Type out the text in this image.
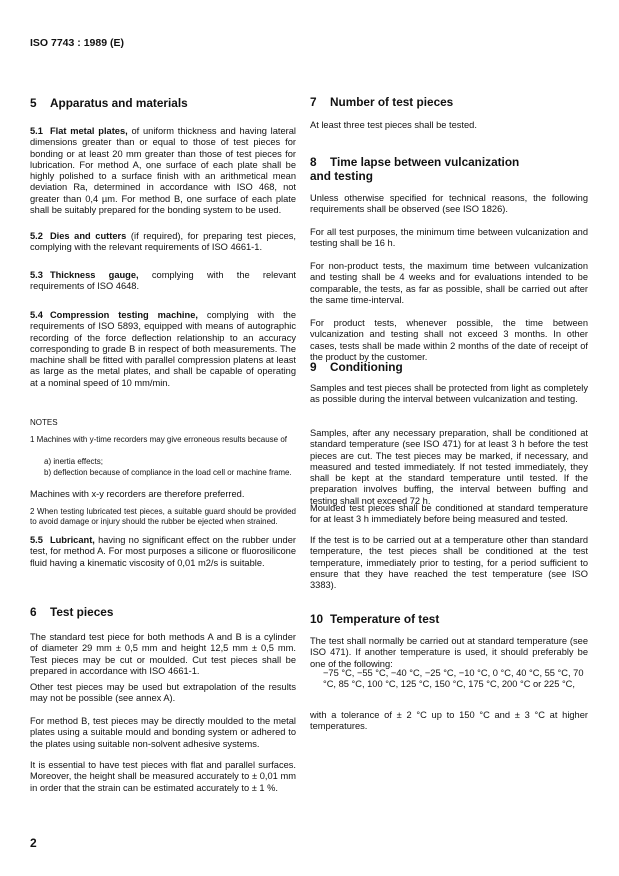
ISO 7743 : 1989 (E)
5 Apparatus and materials
5.1 Flat metal plates, of uniform thickness and having lateral dimensions greater than or equal to those of test pieces for bonding or at least 20 mm greater than those of test pieces for lubrication. For method A, one surface of each plate shall be highly polished to a surface finish with an arithmetical mean deviation Ra, determined in accordance with ISO 468, not greater than 0,4 µm. For method B, one surface of each plate shall be suitably prepared for the bonding system to be used.
5.2 Dies and cutters (if required), for preparing test pieces, complying with the relevant requirements of ISO 4661-1.
5.3 Thickness gauge, complying with the relevant requirements of ISO 4648.
5.4 Compression testing machine, complying with the requirements of ISO 5893, equipped with means of autographic recording of the force deflection relationship to an accuracy corresponding to grade B in respect of both measurements. The machine shall be fitted with parallel compression platens at least as large as the metal plates, and shall be capable of operating at a nominal speed of 10 mm/min.
NOTES
1 Machines with y-time recorders may give erroneous results because of
a) inertia effects;
b) deflection because of compliance in the load cell or machine frame.
Machines with x-y recorders are therefore preferred.
2 When testing lubricated test pieces, a suitable guard should be provided to avoid damage or injury should the rubber be ejected when strained.
5.5 Lubricant, having no significant effect on the rubber under test, for method A. For most purposes a silicone or fluorosilicone fluid having a kinematic viscosity of 0,01 m2/s is suitable.
6 Test pieces
The standard test piece for both methods A and B is a cylinder of diameter 29 mm ± 0,5 mm and height 12,5 mm ± 0,5 mm. Test pieces may be cut or moulded. Cut test pieces shall be prepared in accordance with ISO 4661-1.
Other test pieces may be used but extrapolation of the results may not be possible (see annex A).
For method B, test pieces may be directly moulded to the metal plates using a suitable mould and bonding system or adhered to the plates using suitable non-solvent adhesive systems.
It is essential to have test pieces with flat and parallel surfaces. Moreover, the height shall be measured accurately to ± 0,01 mm in order that the strain can be estimated accurately to ± 1 %.
2
7 Number of test pieces
At least three test pieces shall be tested.
8 Time lapse between vulcanization and testing
Unless otherwise specified for technical reasons, the following requirements shall be observed (see ISO 1826).
For all test purposes, the minimum time between vulcanization and testing shall be 16 h.
For non-product tests, the maximum time between vulcanization and testing shall be 4 weeks and for evaluations intended to be comparable, the tests, as far as possible, shall be carried out after the same time-interval.
For product tests, whenever possible, the time between vulcanization and testing shall not exceed 3 months. In other cases, tests shall be made within 2 months of the date of receipt of the product by the customer.
9 Conditioning
Samples and test pieces shall be protected from light as completely as possible during the interval between vulcanization and testing.
Samples, after any necessary preparation, shall be conditioned at standard temperature (see ISO 471) for at least 3 h before the test pieces are cut. The test pieces may be marked, if necessary, and measured and tested immediately. If not tested immediately, they shall be kept at the standard temperature until tested. If the preparation involves buffing, the interval between buffing and testing shall not exceed 72 h.
Moulded test pieces shall be conditioned at standard temperature for at least 3 h immediately before being measured and tested.
If the test is to be carried out at a temperature other than standard temperature, the test pieces shall be conditioned at the test temperature, immediately prior to testing, for a period sufficient to ensure that they have reached the test temperature (see ISO 3383).
10 Temperature of test
The test shall normally be carried out at standard temperature (see ISO 471). If another temperature is used, it should preferably be one of the following:
−75 °C, −55 °C, −40 °C, −25 °C, −10 °C, 0 °C, 40 °C, 55 °C, 70 °C, 85 °C, 100 °C, 125 °C, 150 °C, 175 °C, 200 °C or 225 °C,
with a tolerance of ± 2 °C up to 150 °C and ± 3 °C at higher temperatures.
